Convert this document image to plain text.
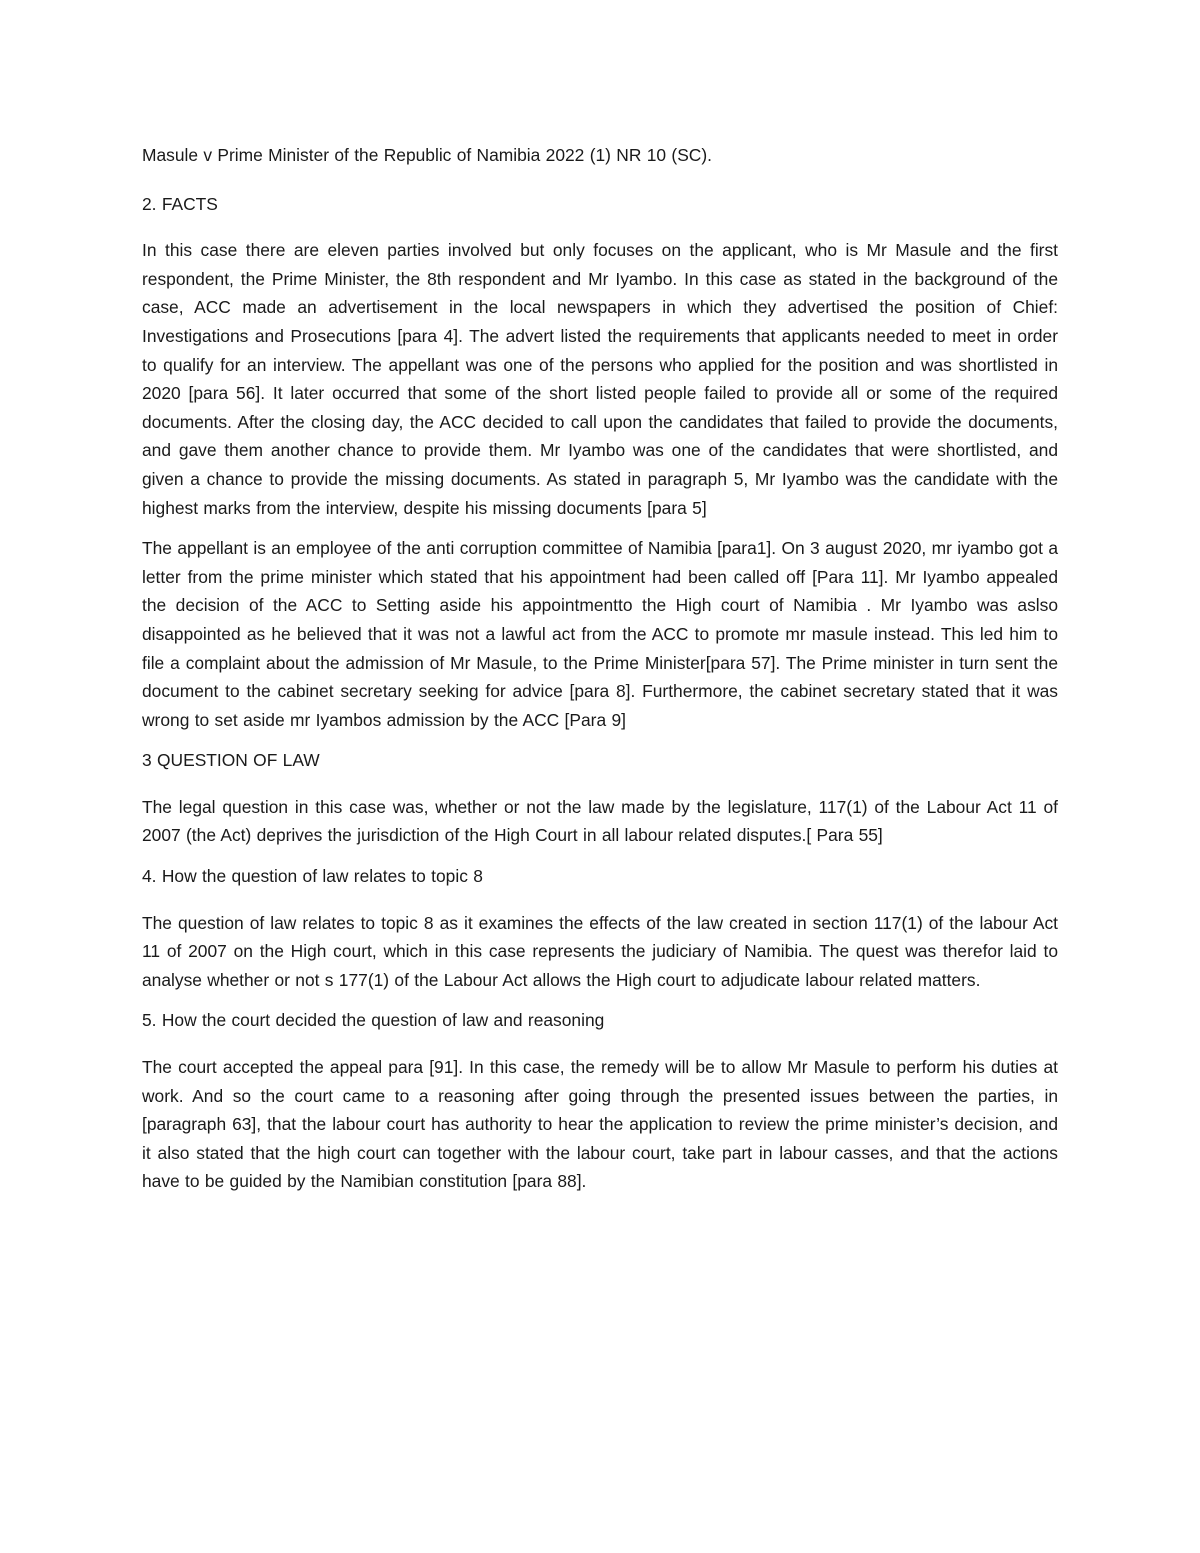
Masule v Prime Minister of the Republic of Namibia 2022 (1) NR 10 (SC).

2. FACTS

In this case there are eleven parties involved but only focuses on the applicant, who is Mr Masule and the first respondent, the Prime Minister, the 8th respondent and Mr Iyambo. In this case as stated in the background of the case, ACC made an advertisement in the local newspapers in which they advertised the position of Chief: Investigations and Prosecutions [para 4]. The advert listed the requirements that applicants needed to meet in order to qualify for an interview. The appellant was one of the persons who applied for the position and was shortlisted in 2020 [para 56]. It later occurred that some of the short listed people failed to provide all or some of the required documents. After the closing day, the ACC decided to call upon the candidates that failed to provide the documents, and gave them another chance to provide them. Mr Iyambo was one of the candidates that were shortlisted, and given a chance to provide the missing documents. As stated in paragraph 5, Mr Iyambo was the candidate with the highest marks from the interview, despite his missing documents [para 5]

The appellant is an employee of the anti corruption committee of Namibia [para1]. On 3 august 2020, mr iyambo got a letter from the prime minister which stated that his appointment had been called off [Para 11]. Mr Iyambo appealed the decision of the ACC to Setting aside his appointmentto the High court of Namibia . Mr Iyambo was aslso disappointed as he believed that it was not a lawful act from the ACC to promote mr masule instead. This led him to file a complaint about the admission of Mr Masule, to the Prime Minister[para 57]. The Prime minister in turn sent the document to the cabinet secretary seeking for advice [para 8]. Furthermore, the cabinet secretary stated that it was wrong to set aside mr Iyambos admission by the ACC [Para 9]

3 QUESTION OF LAW

The legal question in this case was, whether or not the law made by the legislature, 117(1) of the Labour Act 11 of 2007 (the Act) deprives the jurisdiction of the High Court in all labour related disputes.[ Para 55]

4. How the question of law relates to topic 8

The question of law relates to topic 8 as it examines the effects of the law created in section 117(1) of the labour Act 11 of 2007 on the High court, which in this case represents the judiciary of Namibia. The quest was therefor laid to analyse whether or not s 177(1) of the Labour Act allows the High court to adjudicate labour related matters.

5. How the court decided the question of law and reasoning

The court accepted the appeal para [91]. In this case, the remedy will be to allow Mr Masule to perform his duties at work. And so the court came to a reasoning after going through the presented issues between the parties, in [paragraph 63], that the labour court has authority to hear the application to review the prime minister’s decision, and it also stated that the high court can together with the labour court, take part in labour casses, and that the actions have to be guided by the Namibian constitution [para 88].
